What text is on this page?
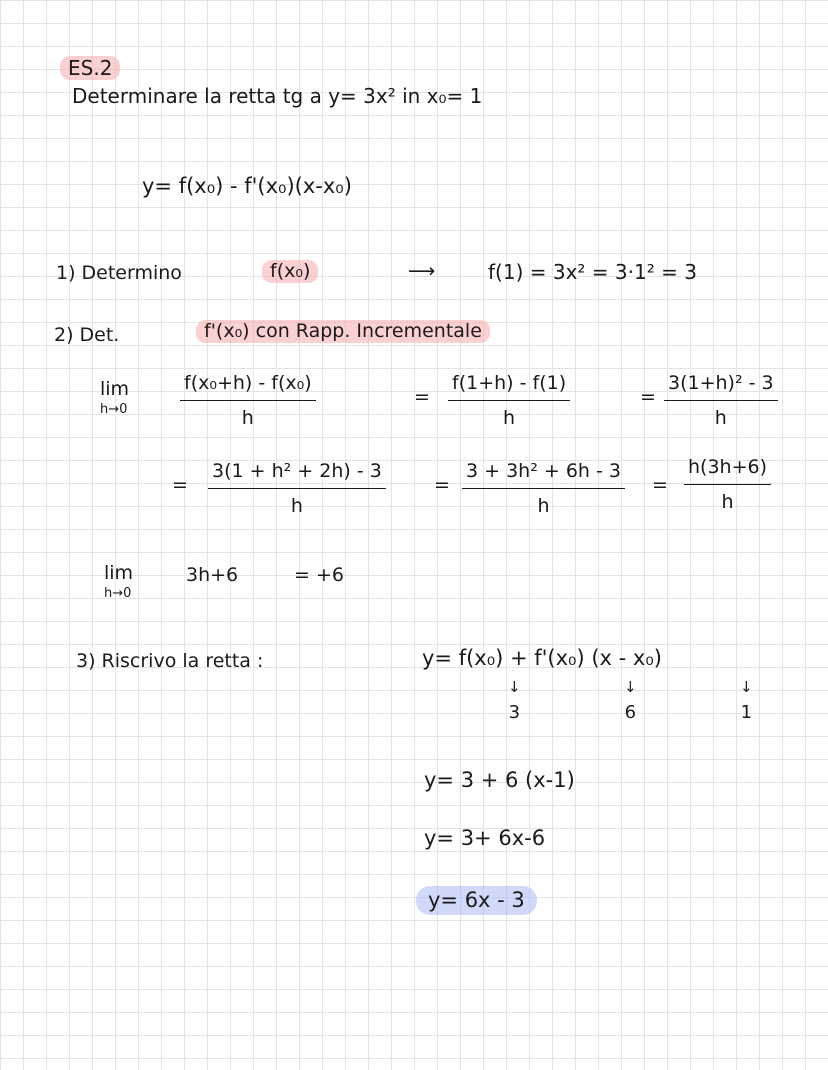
ES.2
Determinare la retta tg a y= 3x² in x₀= 1
y= f(x₀) - f'(x₀)(x-x₀)
1) Determino	f(x₀)	⟶	f(1) = 3x² = 3·1² = 3
2) Det.	f'(x₀) con Rapp. Incrementale
lim
h→0
f(x₀+h) - f(x₀)
h
=
f(1+h) - f(1)
h
=
3(1+h)² - 3
h
=
3(1 + h² + 2h) - 3
h
=
3 + 3h² + 6h - 3
h
=
h(3h+6)
h
lim
h→0
3h+6	= +6
3) Riscrivo la retta :	y= f(x₀) + f'(x₀) (x - x₀)
↓
3
↓
6
↓
1
y= 3 + 6 (x-1)
y= 3+ 6x-6
y= 6x - 3
